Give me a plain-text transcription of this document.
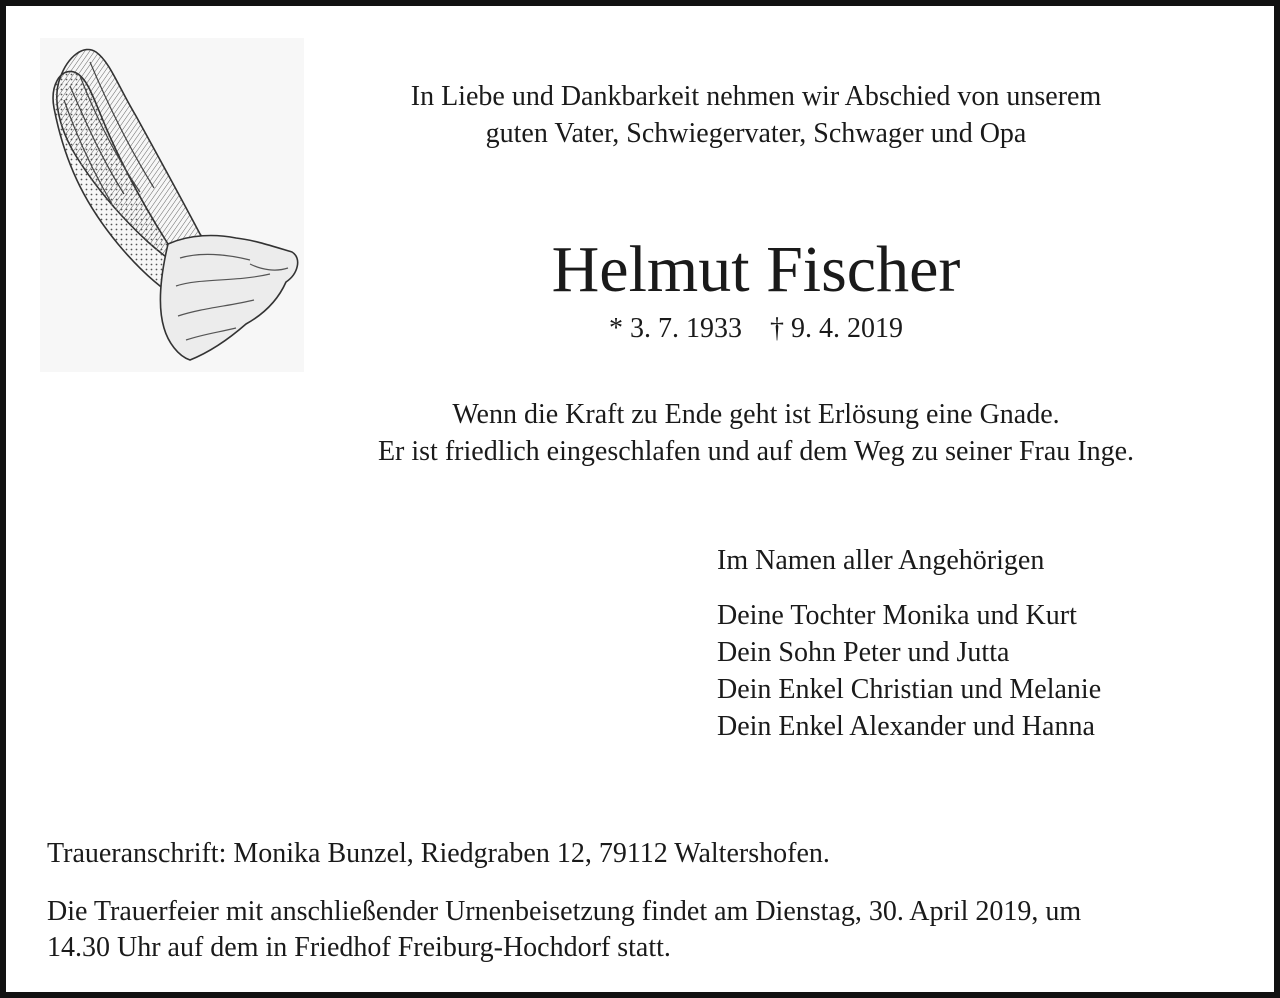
In Liebe und Dankbarkeit nehmen wir Abschied von unserem
guten Vater, Schwiegervater, Schwager und Opa
Helmut Fischer
* 3. 7. 1933 † 9. 4. 2019
Wenn die Kraft zu Ende geht ist Erlösung eine Gnade.
Er ist friedlich eingeschlafen und auf dem Weg zu seiner Frau Inge.
Im Namen aller Angehörigen
Deine Tochter Monika und Kurt
Dein Sohn Peter und Jutta
Dein Enkel Christian und Melanie
Dein Enkel Alexander und Hanna
Traueranschrift: Monika Bunzel, Riedgraben 12, 79112 Waltershofen.
Die Trauerfeier mit anschließender Urnenbeisetzung findet am Dienstag, 30. April 2019, um
14.30 Uhr auf dem in Friedhof Freiburg-Hochdorf statt.
